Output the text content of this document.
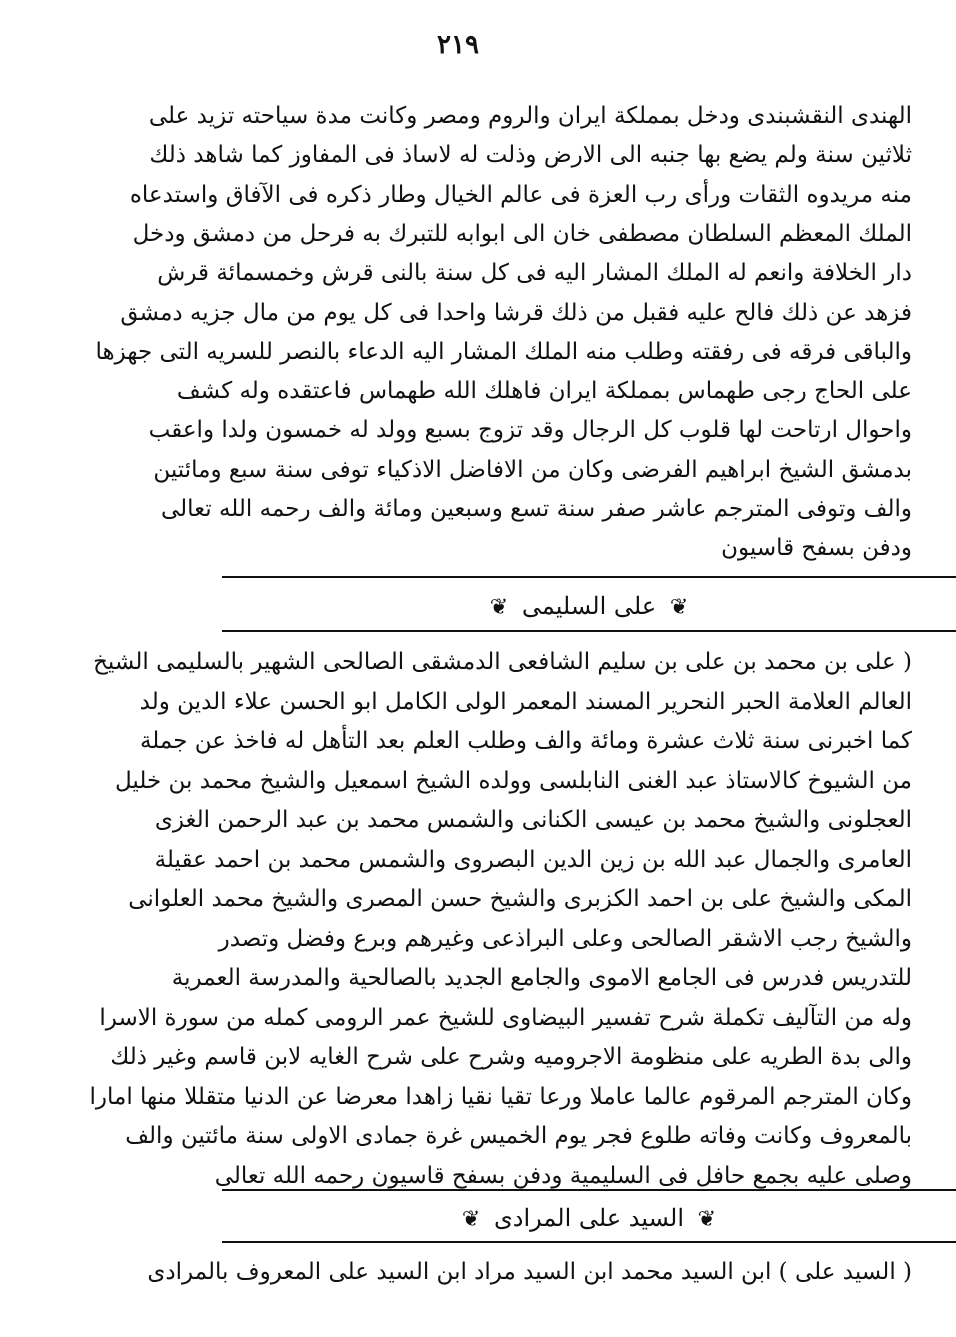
٢١٩
الهندى النقشبندى ودخل بمملكة ايران والروم ومصر وكانت مدة سياحته تزيد على
ثلاثين سنة ولم يضع بها جنبه الى الارض وذلت له لاساذ فى المفاوز كما شاهد ذلك
منه مريدوه الثقات ورأى رب العزة فى عالم الخيال وطار ذكره فى الآفاق واستدعاه
الملك المعظم السلطان مصطفى خان الى ابوابه للتبرك به فرحل من دمشق ودخل
دار الخلافة وانعم له الملك المشار اليه فى كل سنة بالنى قرش وخمسمائة قرش
فزهد عن ذلك فالح عليه فقبل من ذلك قرشا واحدا فى كل يوم من مال جزيه دمشق
والباقى فرقه فى رفقته وطلب منه الملك المشار اليه الدعاء بالنصر للسريه التى جهزها
على الحاج رجى طهماس بمملكة ايران فاهلك الله طهماس فاعتقده وله كشف
واحوال ارتاحت لها قلوب كل الرجال وقد تزوج بسبع وولد له خمسون ولدا واعقب
بدمشق الشيخ ابراهيم الفرضى وكان من الافاضل الاذكياء توفى سنة سبع ومائتين
والف وتوفى المترجم عاشر صفر سنة تسع وسبعين ومائة والف رحمه الله تعالى
ودفن بسفح قاسيون
❦ على السليمى ❦
( على بن محمد بن على بن سليم الشافعى الدمشقى الصالحى الشهير بالسليمى الشيخ
العالم العلامة الحبر النحرير المسند المعمر الولى الكامل ابو الحسن علاء الدين ولد
كما اخبرنى سنة ثلاث عشرة ومائة والف وطلب العلم بعد التأهل له فاخذ عن جملة
من الشيوخ كالاستاذ عبد الغنى النابلسى وولده الشيخ اسمعيل والشيخ محمد بن خليل
العجلونى والشيخ محمد بن عيسى الكنانى والشمس محمد بن عبد الرحمن الغزى
العامرى والجمال عبد الله بن زين الدين البصروى والشمس محمد بن احمد عقيلة
المكى والشيخ على بن احمد الكزبرى والشيخ حسن المصرى والشيخ محمد العلوانى
والشيخ رجب الاشقر الصالحى وعلى البراذعى وغيرهم وبرع وفضل وتصدر
للتدريس فدرس فى الجامع الاموى والجامع الجديد بالصالحية والمدرسة العمرية
وله من التآليف تكملة شرح تفسير البيضاوى للشيخ عمر الرومى كمله من سورة الاسرا
والى بدة الطريه على منظومة الاجروميه وشرح على شرح الغايه لابن قاسم وغير ذلك
وكان المترجم المرقوم عالما عاملا ورعا تقيا نقيا زاهدا معرضا عن الدنيا متقللا منها امارا
بالمعروف وكانت وفاته طلوع فجر يوم الخميس غرة جمادى الاولى سنة مائتين والف
وصلى عليه بجمع حافل فى السليمية ودفن بسفح قاسيون رحمه الله تعالى
❦ السيد على المرادى ❦
( السيد على ) ابن السيد محمد ابن السيد مراد ابن السيد على المعروف بالمرادى
